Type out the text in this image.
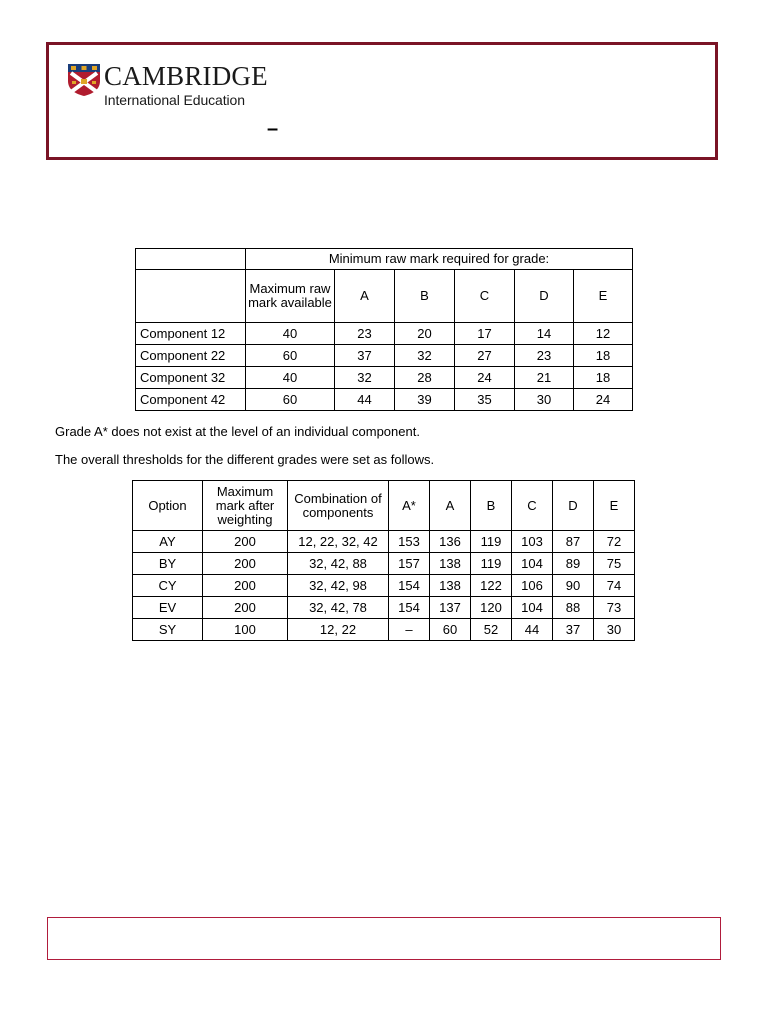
CAMBRIDGE
International Education
–
	Minimum raw mark required for grade:					
	Maximum raw mark available	A	B	C	D	E
Component 12	40	23	20	17	14	12
Component 22	60	37	32	27	23	18
Component 32	40	32	28	24	21	18
Component 42	60	44	39	35	30	24
Grade A* does not exist at the level of an individual component.
The overall thresholds for the different grades were set as follows.
Option	Maximum mark after weighting	Combination of components	A*	A	B	C	D	E
AY	200	12, 22, 32, 42	153	136	119	103	87	72
BY	200	32, 42, 88	157	138	119	104	89	75
CY	200	32, 42, 98	154	138	122	106	90	74
EV	200	32, 42, 78	154	137	120	104	88	73
SY	100	12, 22	–	60	52	44	37	30
